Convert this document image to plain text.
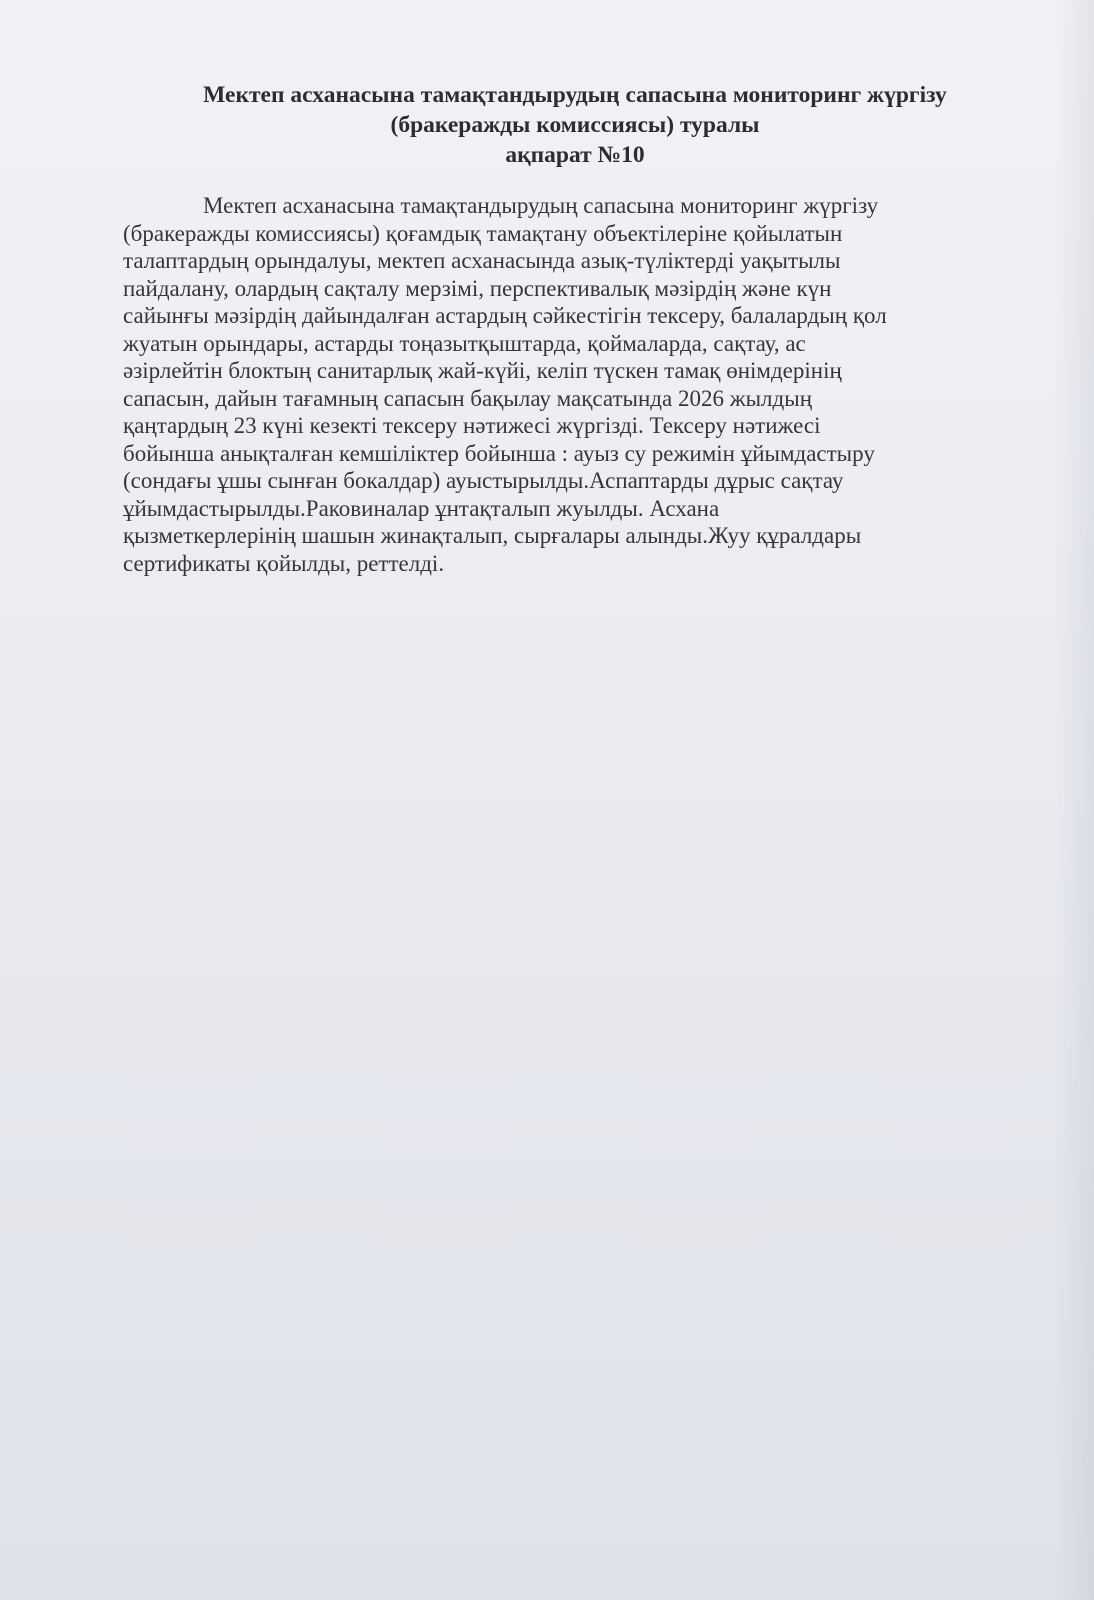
Мектеп асханасына тамақтандырудың сапасына мониторинг жүргізу
(бракеражды комиссиясы) туралы
ақпарат №10
Мектеп асханасына тамақтандырудың сапасына мониторинг жүргізу
(бракеражды комиссиясы) қоғамдық тамақтану объектілеріне қойылатын
талаптардың орындалуы, мектеп асханасында азық-түліктерді уақытылы
пайдалану, олардың сақталу мерзімі, перспективалық мәзірдің және күн
сайынғы мәзірдің дайындалған астардың сәйкестігін тексеру, балалардың қол
жуатын орындары, астарды тоңазытқыштарда, қоймаларда, сақтау, ас
әзірлейтін блоктың санитарлық жай-күйі, келіп түскен тамақ өнімдерінің
сапасын, дайын тағамның сапасын бақылау мақсатында 2026 жылдың
қаңтардың 23 күні кезекті тексеру нәтижесі жүргізді. Тексеру нәтижесі
бойынша анықталған кемшіліктер бойынша : ауыз су режимін ұйымдастыру
(сондағы ұшы сынған бокалдар) ауыстырылды.Аспаптарды дұрыс сақтау
ұйымдастырылды.Раковиналар ұнтақталып жуылды. Асхана
қызметкерлерінің шашын жинақталып, сырғалары алынды.Жуу құралдары
сертификаты қойылды, реттелді.
